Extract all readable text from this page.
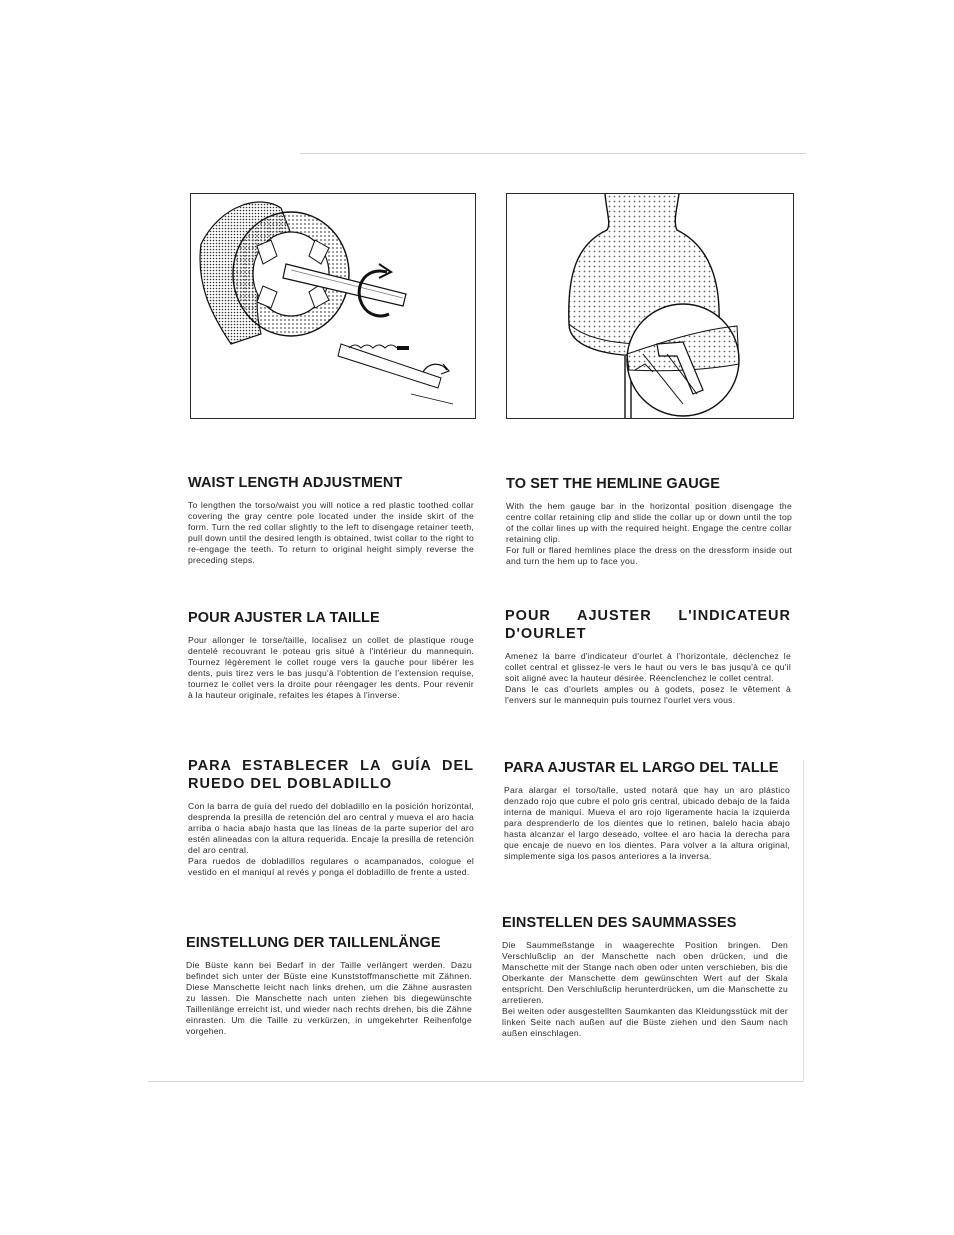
WAIST LENGTH ADJUSTMENT

To lengthen the torso/waist you will notice a red plastic toothed collar covering the gray centre pole located under the inside skirt of the form. Turn the red collar slightly to the left to disengage retainer teeth, pull down until the desired length is obtained, twist collar to the right to re-engage the teeth. To return to original height simply reverse the preceding steps.

POUR AJUSTER LA TAILLE

Pour allonger le torse/taille, localisez un collet de plastique rouge dentelé recouvrant le poteau gris situé à l'intérieur du mannequin. Tournez légèrement le collet rouge vers la gauche pour libérer les dents, puis tirez vers le bas jusqu'à l'obtention de l'extension requise, tournez le collet vers la droite pour réengager les dents. Pour revenir à la hauteur originale, refaites les étapes à l'inverse.

PARA ESTABLECER LA GUÍA DEL RUEDO DEL DOBLADILLO

Con la barra de guía del ruedo del dobladillo en la posición horizontal, desprenda la presilla de retención del aro central y mueva el aro hacia arriba o hacia abajo hasta que las líneas de la parte superior del aro estén alineadas con la altura requerida. Encaje la presilla de retención del aro central.
Para ruedos de dobladillos regulares o acampanados, cologue el vestido en el maniquí al revés y ponga el dobladillo de frente a usted.

EINSTELLUNG DER TAILLENLÄNGE

Die Büste kann bei Bedarf in der Taille verlängert werden. Dazu befindet sich unter der Büste eine Kunststoffmanschette mit Zähnen. Diese Manschette leicht nach links drehen, um die Zähne ausrasten zu lassen. Die Manschette nach unten ziehen bis diegewünschte Taillenlänge erreicht ist, und wieder nach rechts drehen, bis die Zähne einrasten. Um die Taille zu verkürzen, in umgekehrter Reihenfolge vorgehen.

TO SET THE HEMLINE GAUGE

With the hem gauge bar in the horizontal position disengage the centre collar retaining clip and slide the collar up or down until the top of the collar lines up with the required height. Engage the centre collar retaining clip.
For full or flared hemlines place the dress on the dressform inside out and turn the hem up to face you.

POUR AJUSTER L'INDICATEUR D'OURLET

Amenez la barre d'indicateur d'ourlet à l'horizontale, déclenchez le collet central et glissez-le vers le haut ou vers le bas jusqu'à ce qu'il soit aligné avec la hauteur désirée. Réenclenchez le collet central.
Dans le cas d'ourlets amples ou à godets, posez le vêtement à l'envers sur le mannequin puis tournez l'ourlet vers vous.

PARA AJUSTAR EL LARGO DEL TALLE

Para alargar el torso/talle, usted notará que hay un aro plástico denzado rojo que cubre el polo gris central, ubicado debajo de la faida interna de maniquí. Mueva el aro rojo ligeramente hacia la izquierda para desprenderlo de los dientes que lo retinen, balelo hacia abajo hasta alcanzar el largo deseado, voltee el aro hacia la derecha para que encaje de nuevo en los dientes. Para volver a la altura original, simplemente siga los pasos anteriores a la inversa.

EINSTELLEN DES SAUMMASSES

Die Saummeßstange in waagerechte Position bringen. Den Verschlußclip an der Manschette nach oben drücken, und die Manschette mit der Stange nach oben oder unten verschieben, bis die Oberkante der Manschette dem gewünschten Wert auf der Skala entspricht. Den Verschlußclip herunterdrücken, um die Manschette zu arretieren.
Bei weiten oder ausgestellten Saumkanten das Kleidungsstück mit der linken Seite nach außen auf die Büste ziehen und den Saum nach außen einschlagen.
